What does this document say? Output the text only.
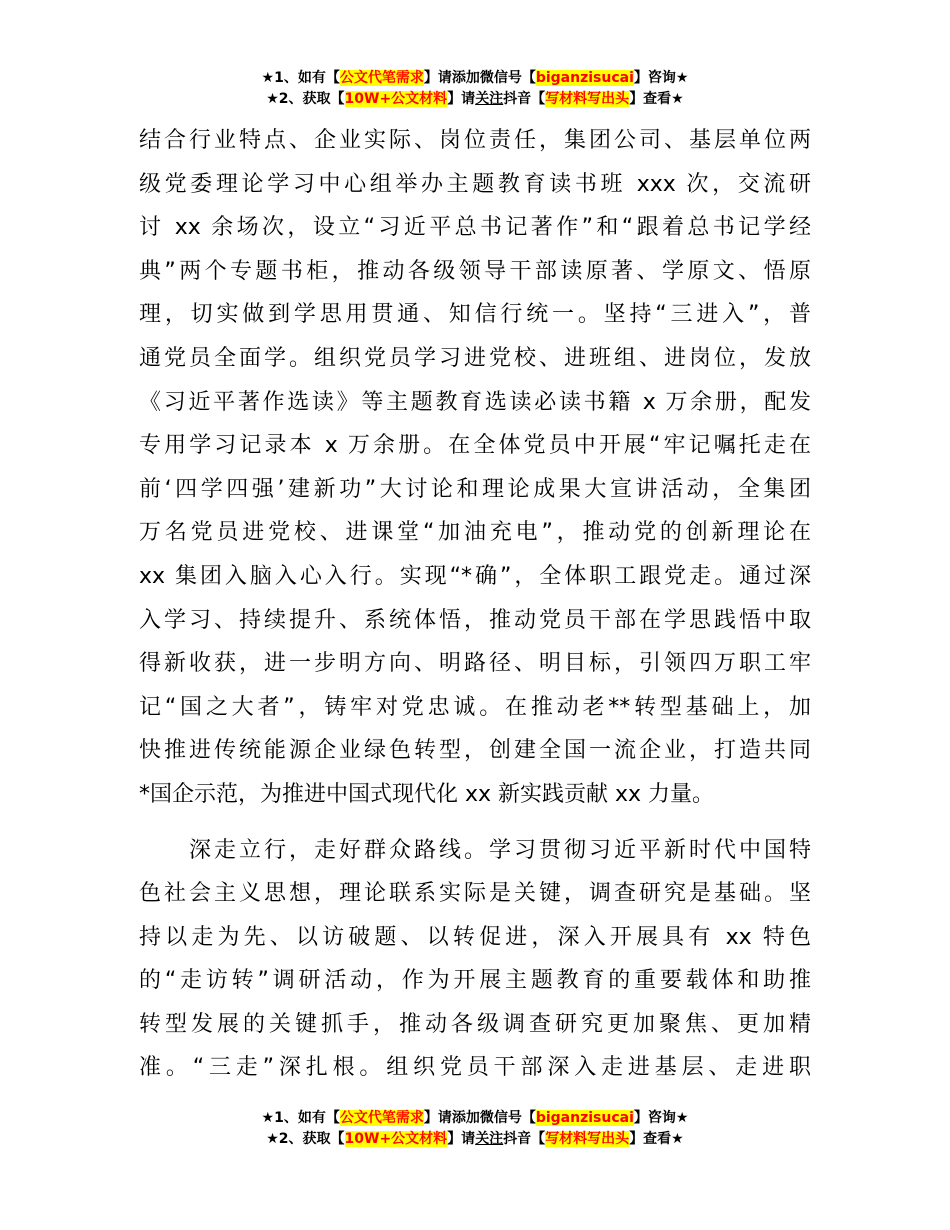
★1、如有【公文代笔需求】请添加微信号【biganzisucai】咨询★
★2、获取【10W+公文材料】请关注抖音【写材料写出头】查看★
结合行业特点、企业实际、岗位责任，集团公司、基层单位两
级党委理论学习中心组举办主题教育读书班 xxx 次，交流研
讨 xx 余场次，设立“习近平总书记著作”和“跟着总书记学经
典”两个专题书柜，推动各级领导干部读原著、学原文、悟原
理，切实做到学思用贯通、知信行统一。坚持“三进入”，普
通党员全面学。组织党员学习进党校、进班组、进岗位，发放
《习近平著作选读》等主题教育选读必读书籍 x 万余册，配发
专用学习记录本 x 万余册。在全体党员中开展“牢记嘱托走在
前‘四学四强’建新功”大讨论和理论成果大宣讲活动，全集团
万名党员进党校、进课堂“加油充电”，推动党的创新理论在
xx 集团入脑入心入行。实现“*确”，全体职工跟党走。通过深
入学习、持续提升、系统体悟，推动党员干部在学思践悟中取
得新收获，进一步明方向、明路径、明目标，引领四万职工牢
记“国之大者”，铸牢对党忠诚。在推动老**转型基础上，加
快推进传统能源企业绿色转型，创建全国一流企业，打造共同
*国企示范，为推进中国式现代化 xx 新实践贡献 xx 力量。
　　深走立行，走好群众路线。学习贯彻习近平新时代中国特
色社会主义思想，理论联系实际是关键，调查研究是基础。坚
持以走为先、以访破题、以转促进，深入开展具有 xx 特色
的“走访转”调研活动，作为开展主题教育的重要载体和助推
转型发展的关键抓手，推动各级调查研究更加聚焦、更加精
准。“三走”深扎根。组织党员干部深入走进基层、走进职
★1、如有【公文代笔需求】请添加微信号【biganzisucai】咨询★
★2、获取【10W+公文材料】请关注抖音【写材料写出头】查看★
